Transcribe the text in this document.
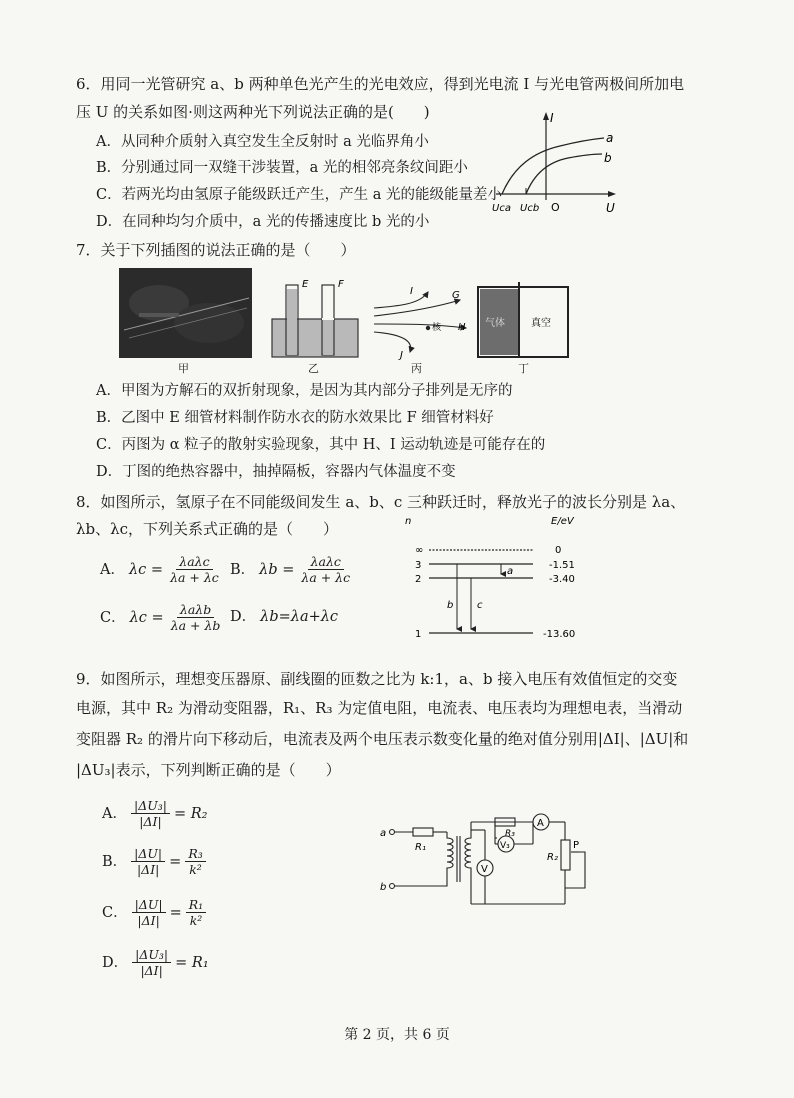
6．用同一光管研究 a、b 两种单色光产生的光电效应，得到光电流 I 与光电管两极间所加电
压 U 的关系如图·则这两种光下列说法正确的是(　　)
A．从同种介质射入真空发生全反射时 a 光临界角小
B．分别通过同一双缝干涉装置，a 光的相邻亮条纹间距小
C．若两光均由氢原子能级跃迁产生，产生 a 光的能级能量差小
D．在同种均匀介质中，a 光的传播速度比 b 光的小
I
U
a
b
O
Uca Ucb
7．关于下列插图的说法正确的是（　　）
甲
E	F
乙
I	G
H
J
核
丙
气体	真空
丁
A．甲图为方解石的双折射现象，是因为其内部分子排列是无序的
B．乙图中 E 细管材料制作防水衣的防水效果比 F 细管材料好
C．丙图为 α 粒子的散射实验现象，其中 H、I 运动轨迹是可能存在的
D．丁图的绝热容器中，抽掉隔板，容器内气体温度不变
8．如图所示，氢原子在不同能级间发生 a、b、c 三种跃迁时，释放光子的波长分别是 λa、
λb、λc，下列关系式正确的是（　　）
A． $\lambda c = \frac{\text{λaλc}}{\lambda a + \lambda c}$ B． $\lambda b = \frac{\text{λaλc}}{\lambda a + \lambda c}$
C． $\lambda c = \frac{\text{λaλb}}{\lambda a + \lambda b}$ D． λb=λa+λc
n	E/eV
∞
3
2
1
0
-1.51
-3.40
-13.60
a
b c
9．如图所示，理想变压器原、副线圈的匝数之比为 k:1，a、b 接入电压有效值恒定的交变
电源，其中 R₂ 为滑动变阻器，R₁、R₃ 为定值电阻，电流表、电压表均为理想电表，当滑动
变阻器 R₂ 的滑片向下移动后，电流表及两个电压表示数变化量的绝对值分别用|ΔI|、|ΔU|和
|ΔU₃|表示，下列判断正确的是（　　）
A． $\frac{\text{|ΔU₃|}}{|\Delta I|} = R_2$
B． $\frac{|\Delta U|}{|\Delta I|} = \frac{\text{R₃}}{\text{k²}}$
C． $\frac{|\Delta U|}{|\Delta I|} = \frac{\text{R₁}}{\text{k²}}$
D． $\frac{\text{|ΔU₃|}}{|\Delta I|} = R_1$
a
b
R₁
R₂
R₃
A
V₃
V
P
第 2 页，共 6 页
